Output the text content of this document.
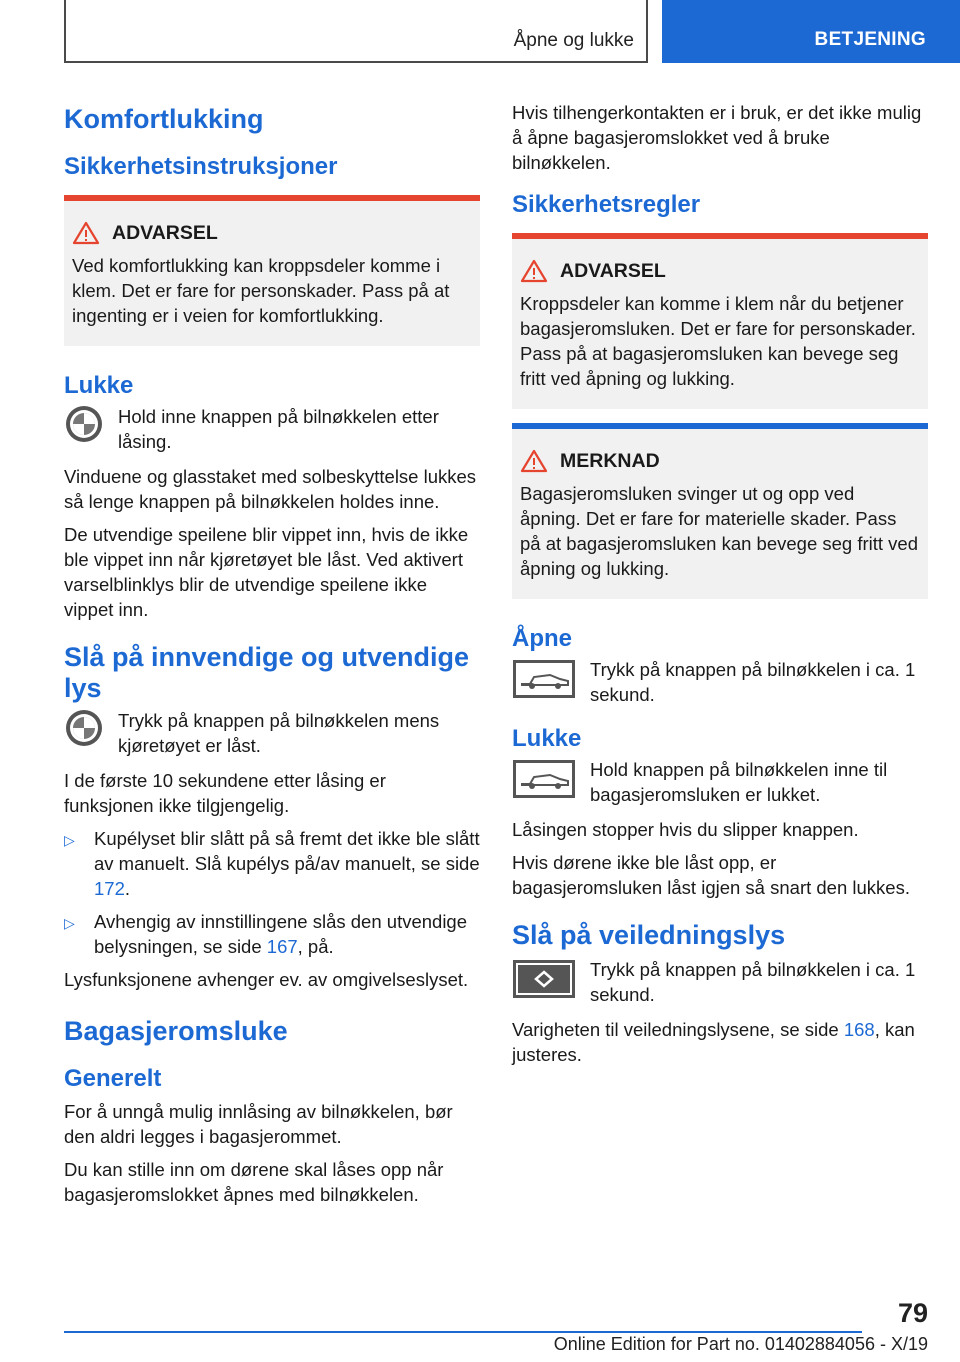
Åpne og lukke	BETJENING
Komfortlukking
Sikkerhetsinstruksjoner
ADVARSEL

Ved komfortlukking kan kroppsdeler komme i klem. Det er fare for personskader. Pass på at ingenting er i veien for komfortlukking.

Lukke

Hold inne knappen på bilnøkkelen etter låsing.

Vinduene og glasstaket med solbeskyttelse lukkes så lenge knappen på bilnøkkelen holdes inne.

De utvendige speilene blir vippet inn, hvis de ikke ble vippet inn når kjøretøyet ble låst. Ved aktivert varselblinklys blir de utvendige speilene ikke vippet inn.

Slå på innvendige og utvendige lys

Trykk på knappen på bilnøkkelen mens kjøretøyet er låst.

I de første 10 sekundene etter låsing er funksjonen ikke tilgjengelig.

▷ Kupélyset blir slått på så fremt det ikke ble slått av manuelt. Slå kupélys på/av manuelt, se side 172.
▷ Avhengig av innstillingene slås den utvendige belysningen, se side 167, på.

Lysfunksjonene avhenger ev. av omgivelseslyset.

Bagasjeromsluke
Generelt

For å unngå mulig innlåsing av bilnøkkelen, bør den aldri legges i bagasjerommet.

Du kan stille inn om dørene skal låses opp når bagasjeromslokket åpnes med bilnøkkelen.

Hvis tilhengerkontakten er i bruk, er det ikke mulig å åpne bagasjeromslokket ved å bruke bilnøkkelen.

Sikkerhetsregler
ADVARSEL

Kroppsdeler kan komme i klem når du betjener bagasjeromsluken. Det er fare for personskader. Pass på at bagasjeromsluken kan bevege seg fritt ved åpning og lukking.

MERKNAD

Bagasjeromsluken svinger ut og opp ved åpning. Det er fare for materielle skader. Pass på at bagasjeromsluken kan bevege seg fritt ved åpning og lukking.

Åpne

Trykk på knappen på bilnøkkelen i ca. 1 sekund.

Lukke

Hold knappen på bilnøkkelen inne til bagasjeromsluken er lukket.

Låsingen stopper hvis du slipper knappen.

Hvis dørene ikke ble låst opp, er bagasjeromsluken låst igjen så snart den lukkes.

Slå på veiledningslys

Trykk på knappen på bilnøkkelen i ca. 1 sekund.

Varigheten til veiledningslysene, se side 168, kan justeres.

79
Online Edition for Part no. 01402884056 - X/19
